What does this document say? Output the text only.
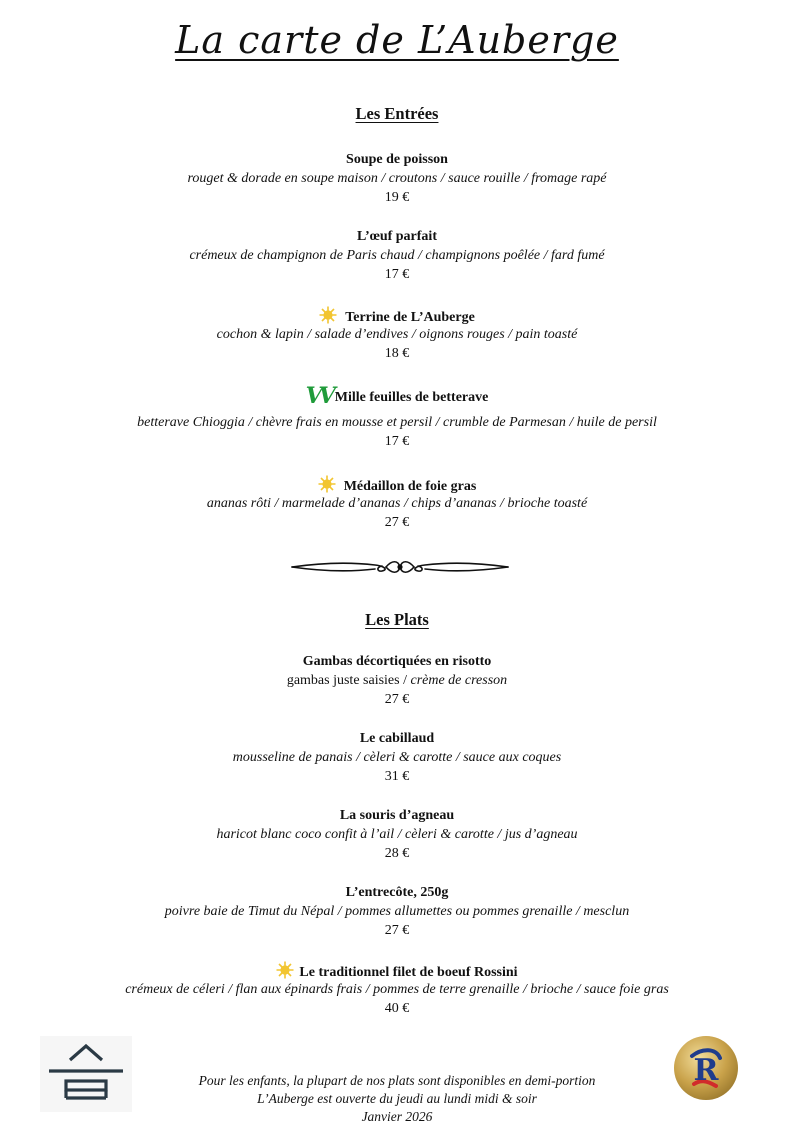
La carte de L’Auberge
Les Entrées
Soupe de poisson
rouget & dorade en soupe maison / croutons / sauce rouille / fromage rapé
19 €
L’œuf parfait
crémeux de champignon de Paris chaud / champignons poêlée / fard fumé
17 €
Terrine de L’Auberge
cochon & lapin / salade d’endives / oignons rouges / pain toasté
18 €
VV Mille feuilles de betterave
betterave Chioggia / chèvre frais en mousse et persil / crumble de Parmesan / huile de persil
17 €
Médaillon de foie gras
ananas rôti / marmelade d’ananas / chips d’ananas / brioche toasté
27 €
Les Plats
Gambas décortiquées en risotto
gambas juste saisies / crème de cresson
27 €
Le cabillaud
mousseline de panais / cèleri & carotte / sauce aux coques
31 €
La souris d’agneau
haricot blanc coco confit à l’ail / cèleri & carotte / jus d’agneau
28 €
L’entrecôte, 250g
poivre baie de Timut du Népal / pommes allumettes ou pommes grenaille / mesclun
27 €
Le traditionnel filet de boeuf Rossini
crémeux de céleri / flan aux épinards frais / pommes de terre grenaille / brioche / sauce foie gras
40 €
R
Pour les enfants, la plupart de nos plats sont disponibles en demi-portion
L’Auberge est ouverte du jeudi au lundi midi & soir
Janvier 2026
